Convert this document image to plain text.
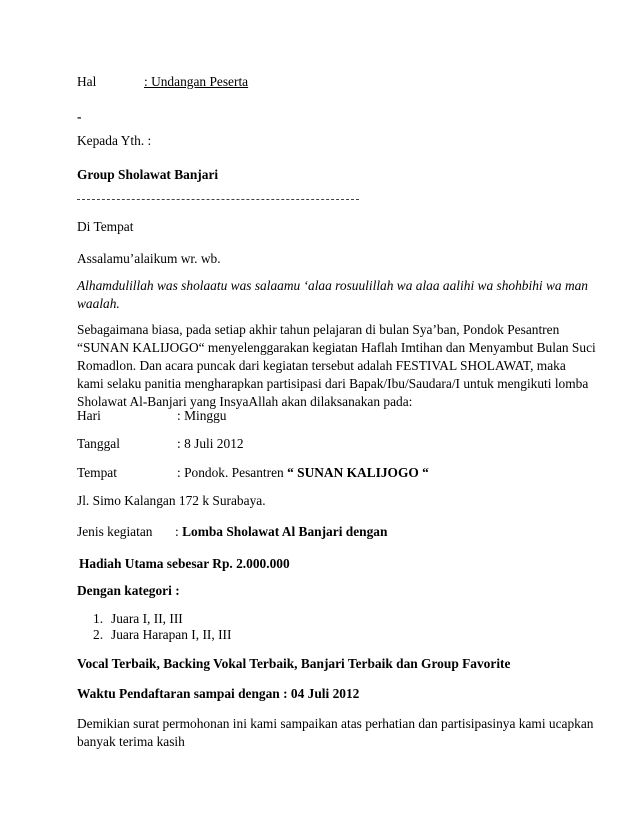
Hal	: Undangan Peserta
-
Kepada Yth. :
Group Sholawat Banjari
Di Tempat
Assalamu’alaikum wr. wb.
Alhamdulillah was sholaatu was salaamu ‘alaa rosuulillah wa alaa aalihi wa shohbihi wa man
waalah.
Sebagaimana biasa, pada setiap akhir tahun pelajaran di bulan Sya’ban, Pondok Pesantren
“SUNAN KALIJOGO“ menyelenggarakan kegiatan Haflah Imtihan dan Menyambut Bulan Suci
Romadlon. Dan acara puncak dari kegiatan tersebut adalah FESTIVAL SHOLAWAT, maka
kami selaku panitia mengharapkan partisipasi dari Bapak/Ibu/Saudara/I untuk mengikuti lomba
Sholawat Al-Banjari yang InsyaAllah akan dilaksanakan pada:
Hari	: Minggu
Tanggal	: 8 Juli 2012
Tempat	: Pondok. Pesantren “ SUNAN KALIJOGO “
Jl. Simo Kalangan 172 k Surabaya.
Jenis kegiatan : Lomba Sholawat Al Banjari dengan
Hadiah Utama sebesar Rp. 2.000.000
Dengan kategori :
1. Juara I, II, III
2. Juara Harapan I, II, III
Vocal Terbaik, Backing Vokal Terbaik, Banjari Terbaik dan Group Favorite
Waktu Pendaftaran sampai dengan : 04 Juli 2012
Demikian surat permohonan ini kami sampaikan atas perhatian dan partisipasinya kami ucapkan
banyak terima kasih
